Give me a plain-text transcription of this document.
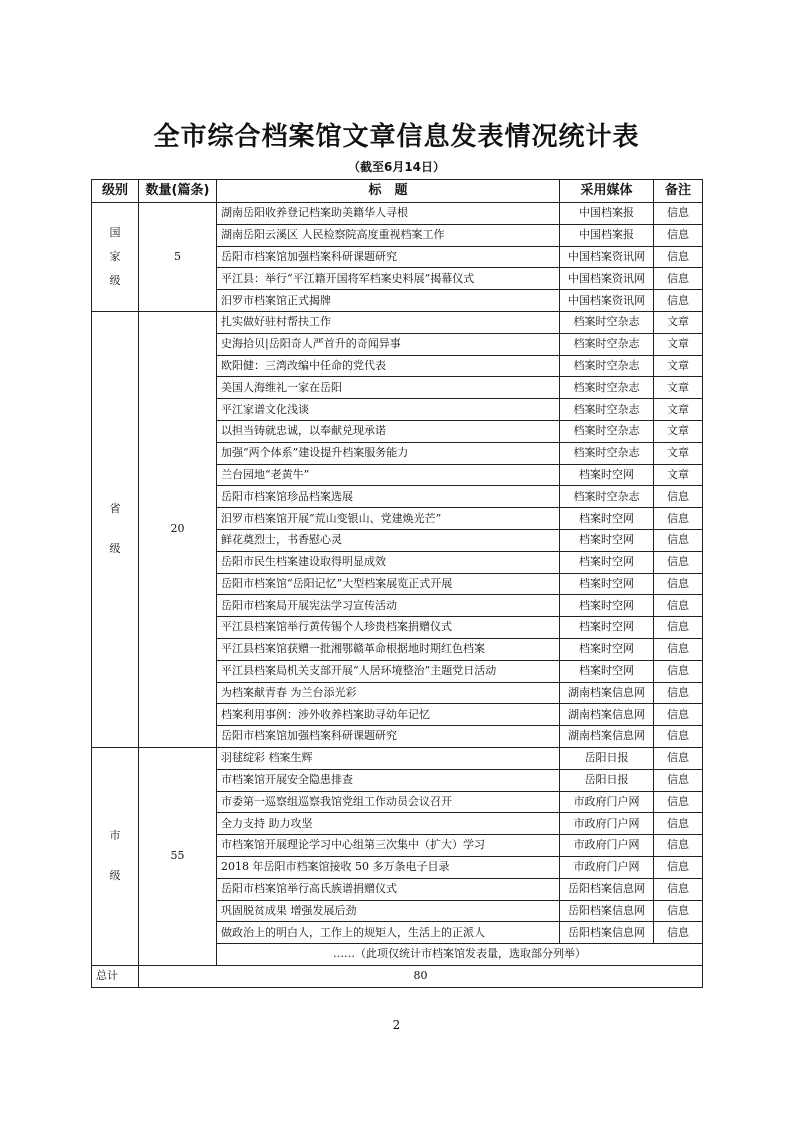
全市综合档案馆文章信息发表情况统计表
（截至6月14日）
级别	数量(篇条)	标　题	采用媒体	备注

国
家
级	5	湖南岳阳收养登记档案助美籍华人寻根	中国档案报	信息
		湖南岳阳云溪区 人民检察院高度重视档案工作	中国档案报	信息
		岳阳市档案馆加强档案科研课题研究	中国档案资讯网	信息
		平江县：举行“平江籍开国将军档案史料展”揭幕仪式	中国档案资讯网	信息
		汨罗市档案馆正式揭牌	中国档案资讯网	信息

省
级	20	扎实做好驻村帮扶工作	档案时空杂志	文章
		史海拾贝|岳阳奇人严首升的奇闻异事	档案时空杂志	文章
		欧阳健：三湾改编中任命的党代表	档案时空杂志	文章
		美国人海维礼一家在岳阳	档案时空杂志	文章
		平江家谱文化浅谈	档案时空杂志	文章
		以担当铸就忠诚，以奉献兑现承诺	档案时空杂志	文章
		加强“两个体系”建设提升档案服务能力	档案时空杂志	文章
		兰台园地“老黄牛”	档案时空网	文章
		岳阳市档案馆珍品档案选展	档案时空杂志	信息
		汨罗市档案馆开展“荒山变银山、党建焕光芒”	档案时空网	信息
		鲜花奠烈士，书香慰心灵	档案时空网	信息
		岳阳市民生档案建设取得明显成效	档案时空网	信息
		岳阳市档案馆“岳阳记忆”大型档案展览正式开展	档案时空网	信息
		岳阳市档案局开展宪法学习宣传活动	档案时空网	信息
		平江县档案馆举行黄传锡个人珍贵档案捐赠仪式	档案时空网	信息
		平江县档案馆获赠一批湘鄂赣革命根据地时期红色档案	档案时空网	信息
		平江县档案局机关支部开展“人居环境整治”主题党日活动	档案时空网	信息
		为档案献青春 为兰台添光彩	湖南档案信息网	信息
		档案利用事例：涉外收养档案助寻幼年记忆	湖南档案信息网	信息
		岳阳市档案馆加强档案科研课题研究	湖南档案信息网	信息

市
级	55	羽毬绽彩 档案生辉	岳阳日报	信息
		市档案馆开展安全隐患排查	岳阳日报	信息
		市委第一巡察组巡察我馆党组工作动员会议召开	市政府门户网	信息
		全力支持 助力攻坚	市政府门户网	信息
		市档案馆开展理论学习中心组第三次集中（扩大）学习	市政府门户网	信息
		2018 年岳阳市档案馆接收 50 多万条电子目录	市政府门户网	信息
		岳阳市档案馆举行高氏族谱捐赠仪式	岳阳档案信息网	信息
		巩固脱贫成果 增强发展后劲	岳阳档案信息网	信息
		做政治上的明白人，工作上的规矩人，生活上的正派人	岳阳档案信息网	信息
		……（此项仅统计市档案馆发表量，选取部分列举）		
总计	80			
2
